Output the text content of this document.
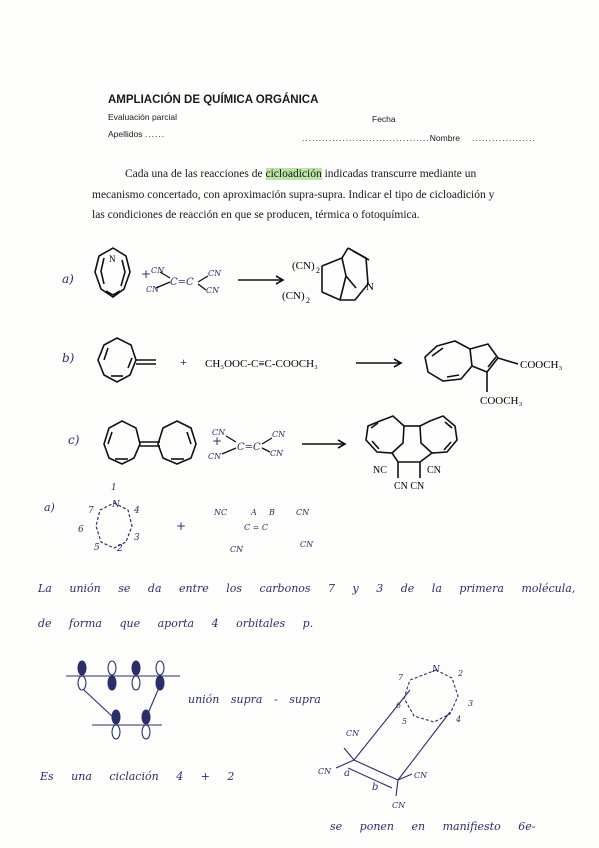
AMPLIACIÓN DE QUÍMICA ORGÁNICA
Evaluación parcial	Fecha
Apellidos ......	......................................Nombre ...................
Cada una de las reacciones de cicloadición indicadas transcurre mediante un
mecanismo concertado, con aproximación supra-supra. Indicar el tipo de cicloadición y
las condiciones de reacción en que se producen, térmica o fotoquímica.
a)
N
+ CN
CN
C=C
CN
CN
(CN) 2
(CN) 2
N
b)	+ CH₃OOC-C≡C-COOCH₃	COOCH₃
COOCH₃
c)
CN
+
CN
C=C
CN
CN
NC	CN
CN CN
a)
1
N
7	4
6
3
5 2
+
NC	A B
C = C
CN
CN
CN
7
N
6
5	4
3
2
a
b
CN
CN	CN
CN
La unión se da entre los carbonos 7 y 3 de la primera molécula,
de forma que aporta 4 orbitales p.
unión supra - supra
Es una ciclación 4 + 2
se ponen en manifiesto 6e-
